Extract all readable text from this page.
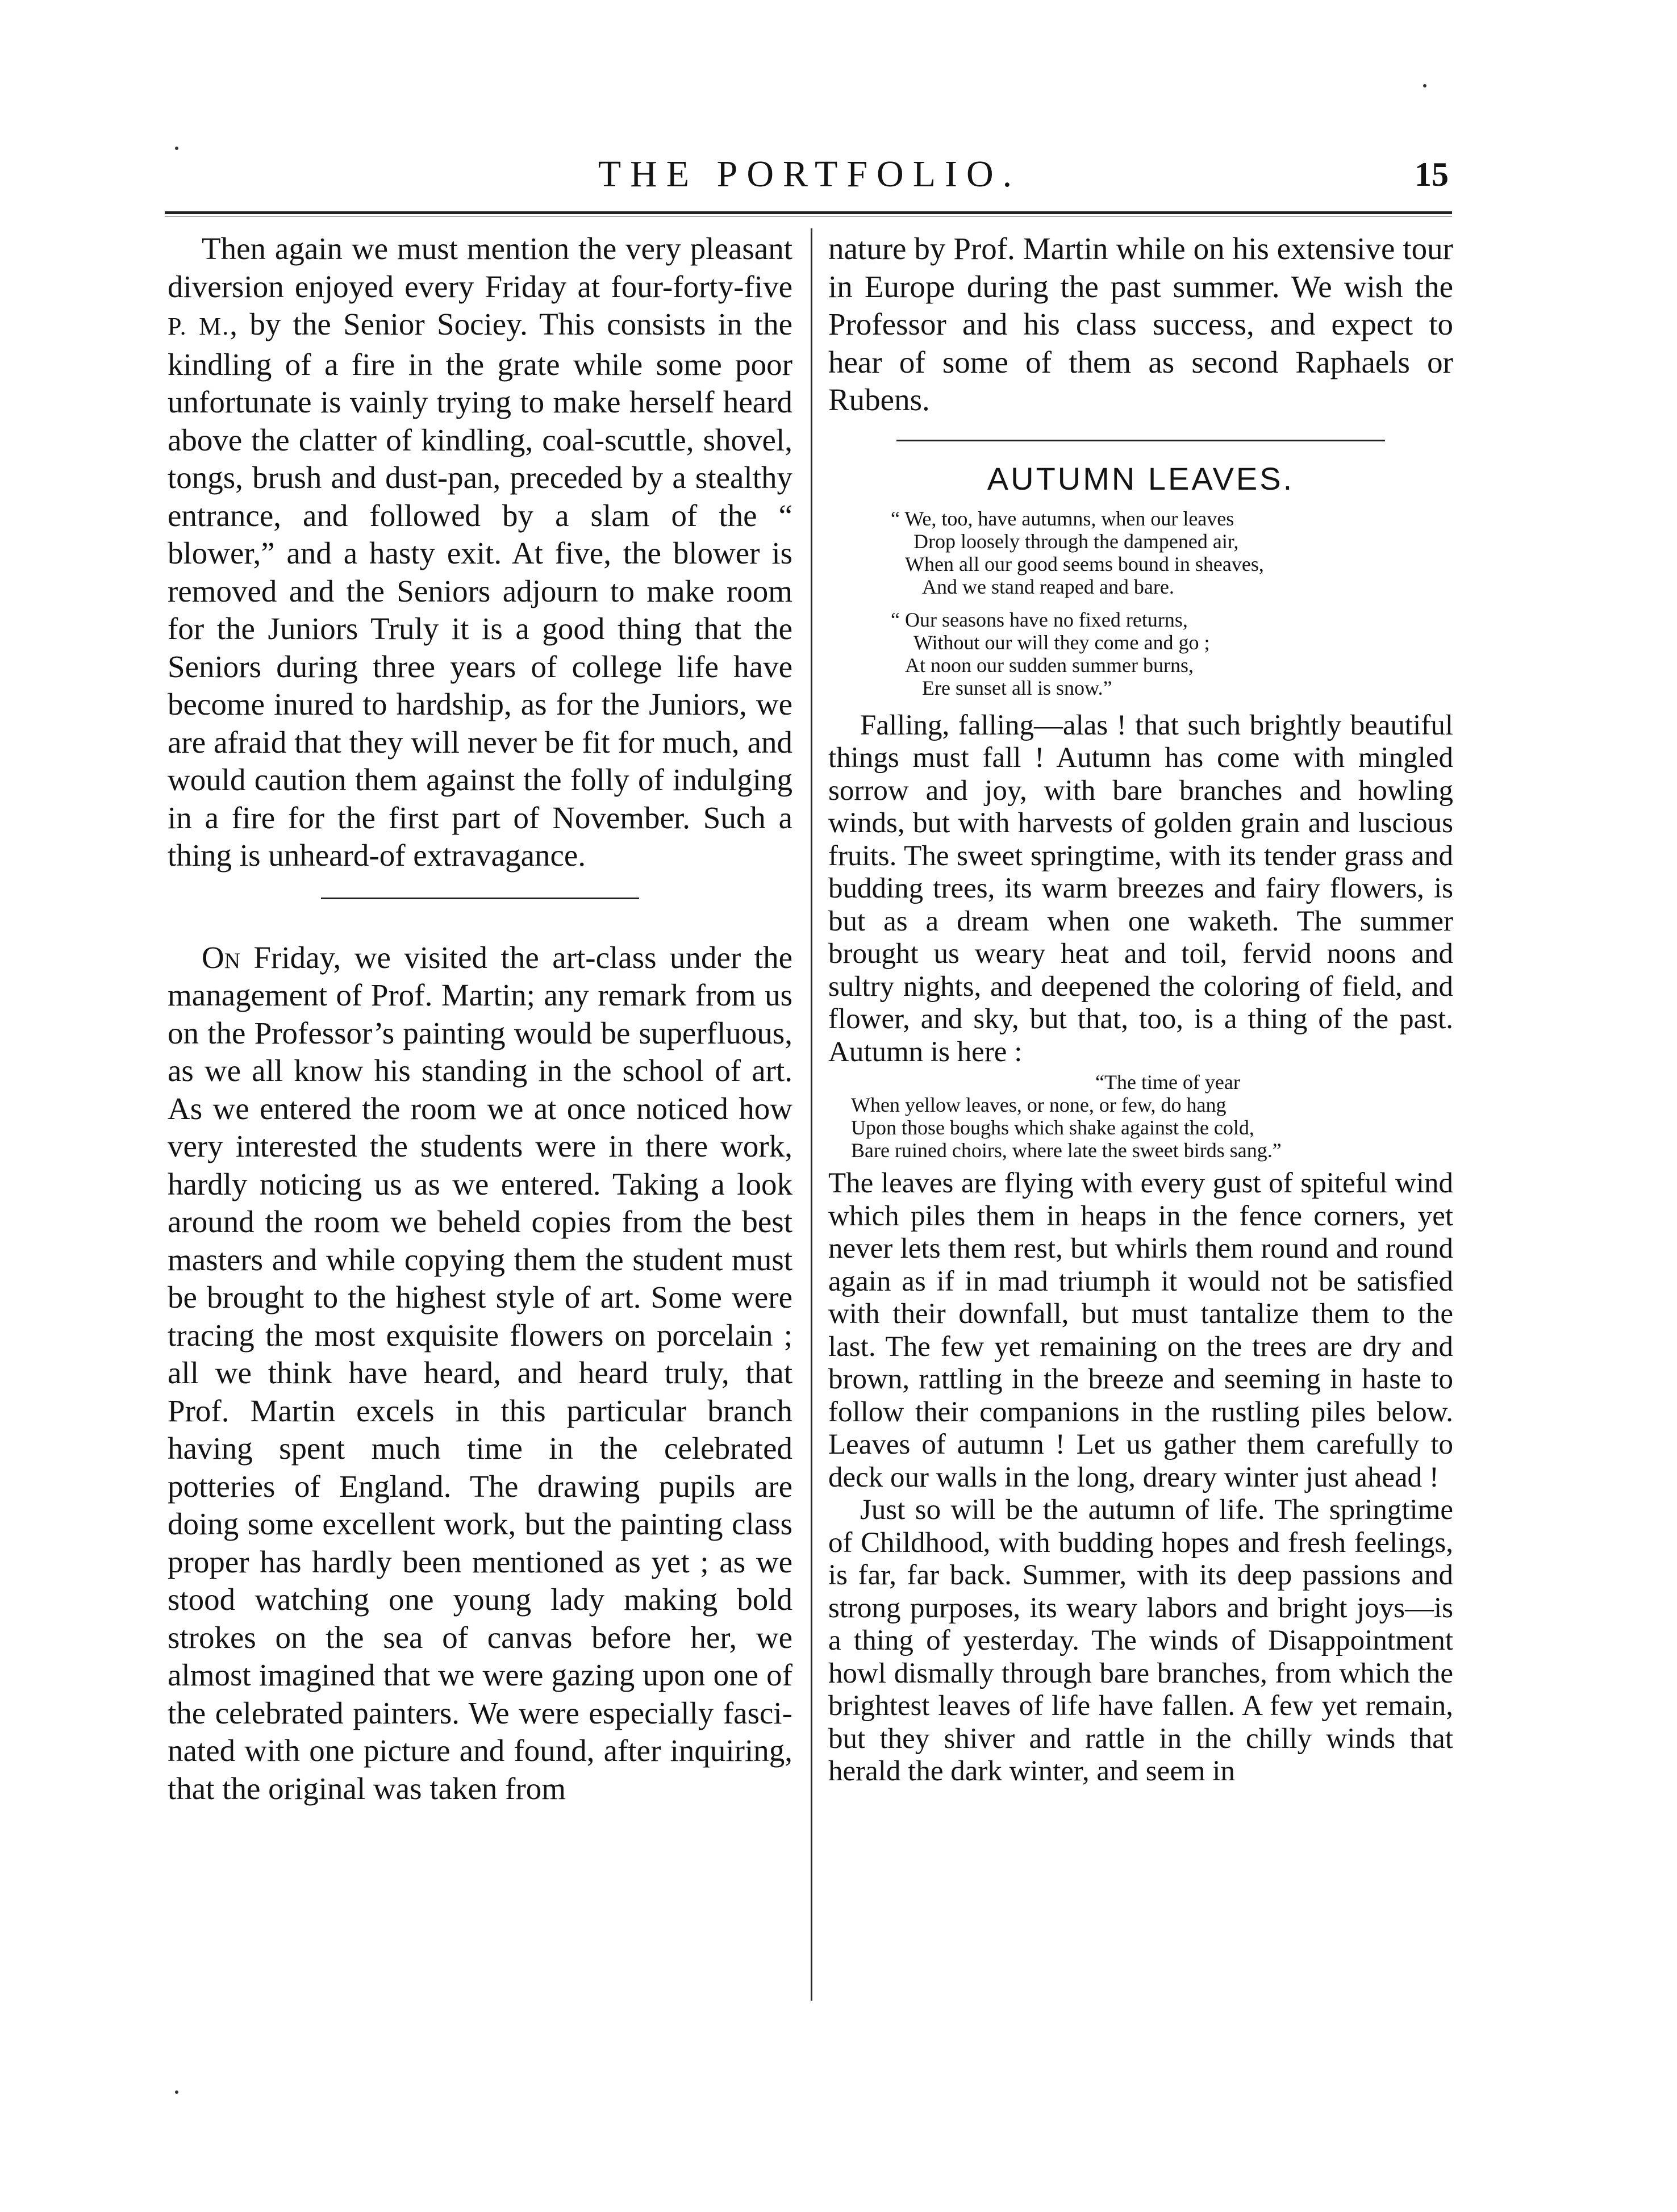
THE PORTFOLIO.	15

Then again we must mention the very pleasant diversion enjoyed every Friday at four-forty-five P. M., by the Senior Sociey. This consists in the kindling of a fire in the grate while some poor unfortunate is vainly trying to make herself heard above the clatter of kindling, coal-scuttle, shovel, tongs, brush and dust-pan, preceded by a stealthy entrance, and followed by a slam of the “ blower,” and a hasty exit. At five, the blower is removed and the Seniors adjourn to make room for the Juniors Truly it is a good thing that the Seniors during three years of college life have become inured to hardship, as for the Juniors, we are afraid that they will never be fit for much, and would caution them against the folly of indulging in a fire for the first part of November. Such a thing is unheard-of extravagance.

On Friday, we visited the art-class under the management of Prof. Martin; any remark from us on the Professor’s painting would be superfluous, as we all know his standing in the school of art. As we entered the room we at once noticed how very interested the students were in there work, hardly noticing us as we entered. Taking a look around the room we beheld copies from the best masters and while copying them the student must be brought to the highest style of art. Some were tracing the most exquisite flowers on porcelain ; all we think have heard, and heard truly, that Prof. Martin excels in this particular branch having spent much time in the celebrated potteries of England. The drawing pupils are doing some excellent work, but the painting class proper has hardly been mentioned as yet ; as we stood watching one young lady making bold strokes on the sea of canvas before her, we almost imagined that we were gazing upon one of the celebrated painters. We were especially fascinated with one picture and found, after inquiring, that the original was taken from

nature by Prof. Martin while on his extensive tour in Europe during the past summer. We wish the Professor and his class success, and expect to hear of some of them as second Raphaels or Rubens.

AUTUMN LEAVES.
“ We, too, have autumns, when our leaves
Drop loosely through the dampened air,
When all our good seems bound in sheaves,
And we stand reaped and bare.
“ Our seasons have no fixed returns,
Without our will they come and go ;
At noon our sudden summer burns,
Ere sunset all is snow.”

Falling, falling—alas ! that such brightly beautiful things must fall ! Autumn has come with mingled sorrow and joy, with bare branches and howling winds, but with harvests of golden grain and luscious fruits. The sweet springtime, with its tender grass and budding trees, its warm breezes and fairy flowers, is but as a dream when one waketh. The summer brought us weary heat and toil, fervid noons and sultry nights, and deepened the coloring of field, and flower, and sky, but that, too, is a thing of the past. Autumn is here :

“The time of year
When yellow leaves, or none, or few, do hang
Upon those boughs which shake against the cold,
Bare ruined choirs, where late the sweet birds sang.”

The leaves are flying with every gust of spiteful wind which piles them in heaps in the fence corners, yet never lets them rest, but whirls them round and round again as if in mad triumph it would not be satisfied with their downfall, but must tantalize them to the last. The few yet remaining on the trees are dry and brown, rattling in the breeze and seeming in haste to follow their companions in the rustling piles below. Leaves of autumn ! Let us gather them carefully to deck our walls in the long, dreary winter just ahead !

Just so will be the autumn of life. The springtime of Childhood, with budding hopes and fresh feelings, is far, far back. Summer, with its deep passions and strong purposes, its weary labors and bright joys—is a thing of yesterday. The winds of Disappointment howl dismally through bare branches, from which the brightest leaves of life have fallen. A few yet remain, but they shiver and rattle in the chilly winds that herald the dark winter, and seem in
